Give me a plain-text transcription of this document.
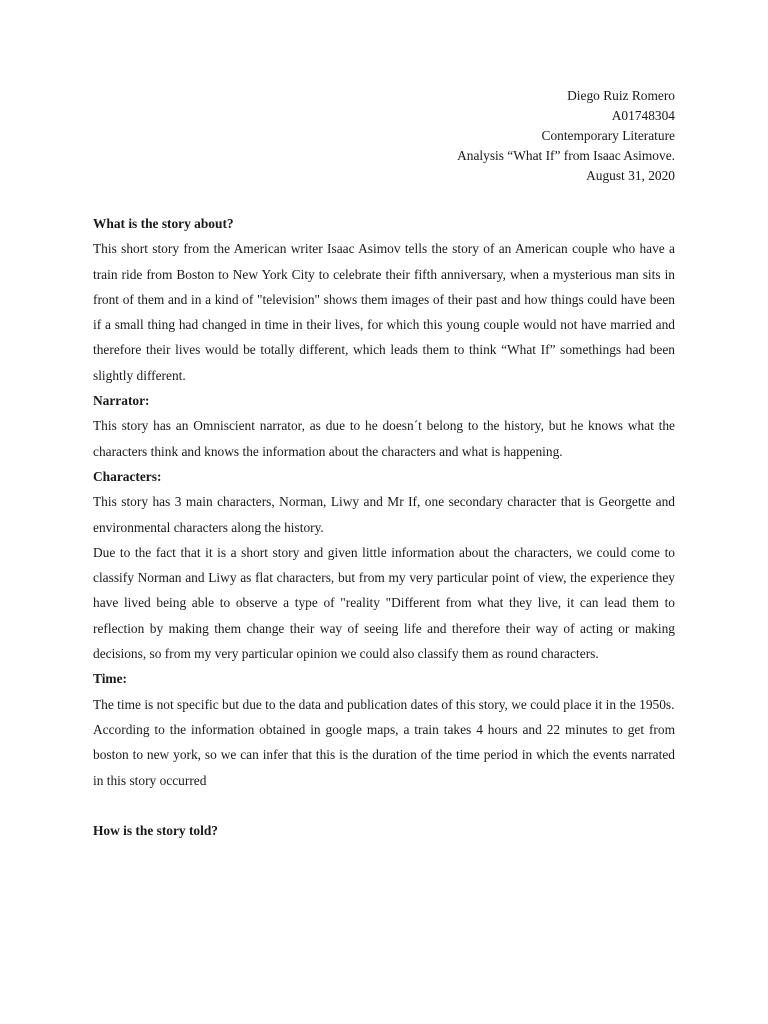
Diego Ruiz Romero
A01748304
Contemporary Literature
Analysis “What If” from Isaac Asimove.
August 31, 2020

What is the story about?

This short story from the American writer Isaac Asimov tells the story of an American couple who have a train ride from Boston to New York City to celebrate their fifth anniversary, when a mysterious man sits in front of them and in a kind of "television" shows them images of their past and how things could have been if a small thing had changed in time in their lives, for which this young couple would not have married and therefore their lives would be totally different, which leads them to think “What If” somethings had been slightly different.

Narrator:

This story has an Omniscient narrator, as due to he doesn´t belong to the history, but he knows what the characters think and knows the information about the characters and what is happening.

Characters:

This story has 3 main characters, Norman, Liwy and Mr If, one secondary character that is Georgette and environmental characters along the history.

Due to the fact that it is a short story and given little information about the characters, we could come to classify Norman and Liwy as flat characters, but from my very particular point of view, the experience they have lived being able to observe a type of "reality "Different from what they live, it can lead them to reflection by making them change their way of seeing life and therefore their way of acting or making decisions, so from my very particular opinion we could also classify them as round characters.

Time:

The time is not specific but due to the data and publication dates of this story, we could place it in the 1950s.

According to the information obtained in google maps, a train takes 4 hours and 22 minutes to get from boston to new york, so we can infer that this is the duration of the time period in which the events narrated in this story occurred

How is the story told?
